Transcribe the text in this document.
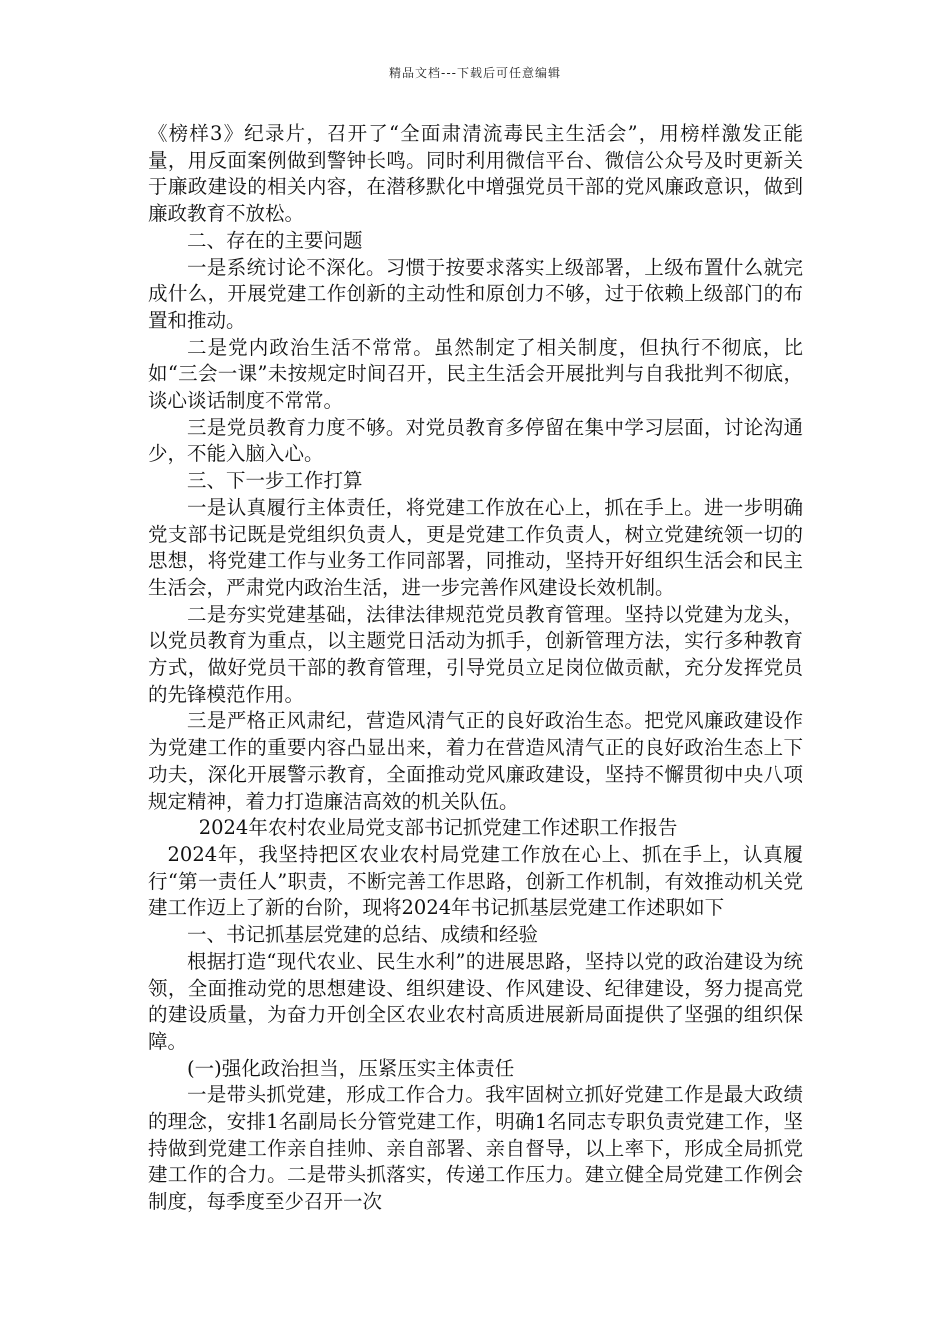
精品文档---下载后可任意编辑

《榜样3》纪录片，召开了“全面肃清流毒民主生活会”，用榜样激发正能量，用反面案例做到警钟长鸣。同时利用微信平台、微信公众号及时更新关于廉政建设的相关内容，在潜移默化中增强党员干部的党风廉政意识，做到廉政教育不放松。

二、存在的主要问题

一是系统讨论不深化。习惯于按要求落实上级部署，上级布置什么就完成什么，开展党建工作创新的主动性和原创力不够，过于依赖上级部门的布置和推动。

二是党内政治生活不常常。虽然制定了相关制度，但执行不彻底，比如“三会一课”未按规定时间召开，民主生活会开展批判与自我批判不彻底，谈心谈话制度不常常。

三是党员教育力度不够。对党员教育多停留在集中学习层面，讨论沟通少，不能入脑入心。

三、下一步工作打算

一是认真履行主体责任，将党建工作放在心上，抓在手上。进一步明确党支部书记既是党组织负责人，更是党建工作负责人，树立党建统领一切的思想，将党建工作与业务工作同部署，同推动，坚持开好组织生活会和民主生活会，严肃党内政治生活，进一步完善作风建设长效机制。

二是夯实党建基础，法律法律规范党员教育管理。坚持以党建为龙头，以党员教育为重点，以主题党日活动为抓手，创新管理方法，实行多种教育方式，做好党员干部的教育管理，引导党员立足岗位做贡献，充分发挥党员的先锋模范作用。

三是严格正风肃纪，营造风清气正的良好政治生态。把党风廉政建设作为党建工作的重要内容凸显出来，着力在营造风清气正的良好政治生态上下功夫，深化开展警示教育，全面推动党风廉政建设，坚持不懈贯彻中央八项规定精神，着力打造廉洁高效的机关队伍。

2024年农村农业局党支部书记抓党建工作述职工作报告

2024年，我坚持把区农业农村局党建工作放在心上、抓在手上，认真履行“第一责任人”职责，不断完善工作思路，创新工作机制，有效推动机关党建工作迈上了新的台阶，现将2024年书记抓基层党建工作述职如下

一、书记抓基层党建的总结、成绩和经验

根据打造“现代农业、民生水利”的进展思路，坚持以党的政治建设为统领，全面推动党的思想建设、组织建设、作风建设、纪律建设，努力提高党的建设质量，为奋力开创全区农业农村高质进展新局面提供了坚强的组织保障。

(一)强化政治担当，压紧压实主体责任

一是带头抓党建，形成工作合力。我牢固树立抓好党建工作是最大政绩的理念，安排1名副局长分管党建工作，明确1名同志专职负责党建工作，坚持做到党建工作亲自挂帅、亲自部署、亲自督导，以上率下，形成全局抓党建工作的合力。二是带头抓落实，传递工作压力。建立健全局党建工作例会制度，每季度至少召开一次
